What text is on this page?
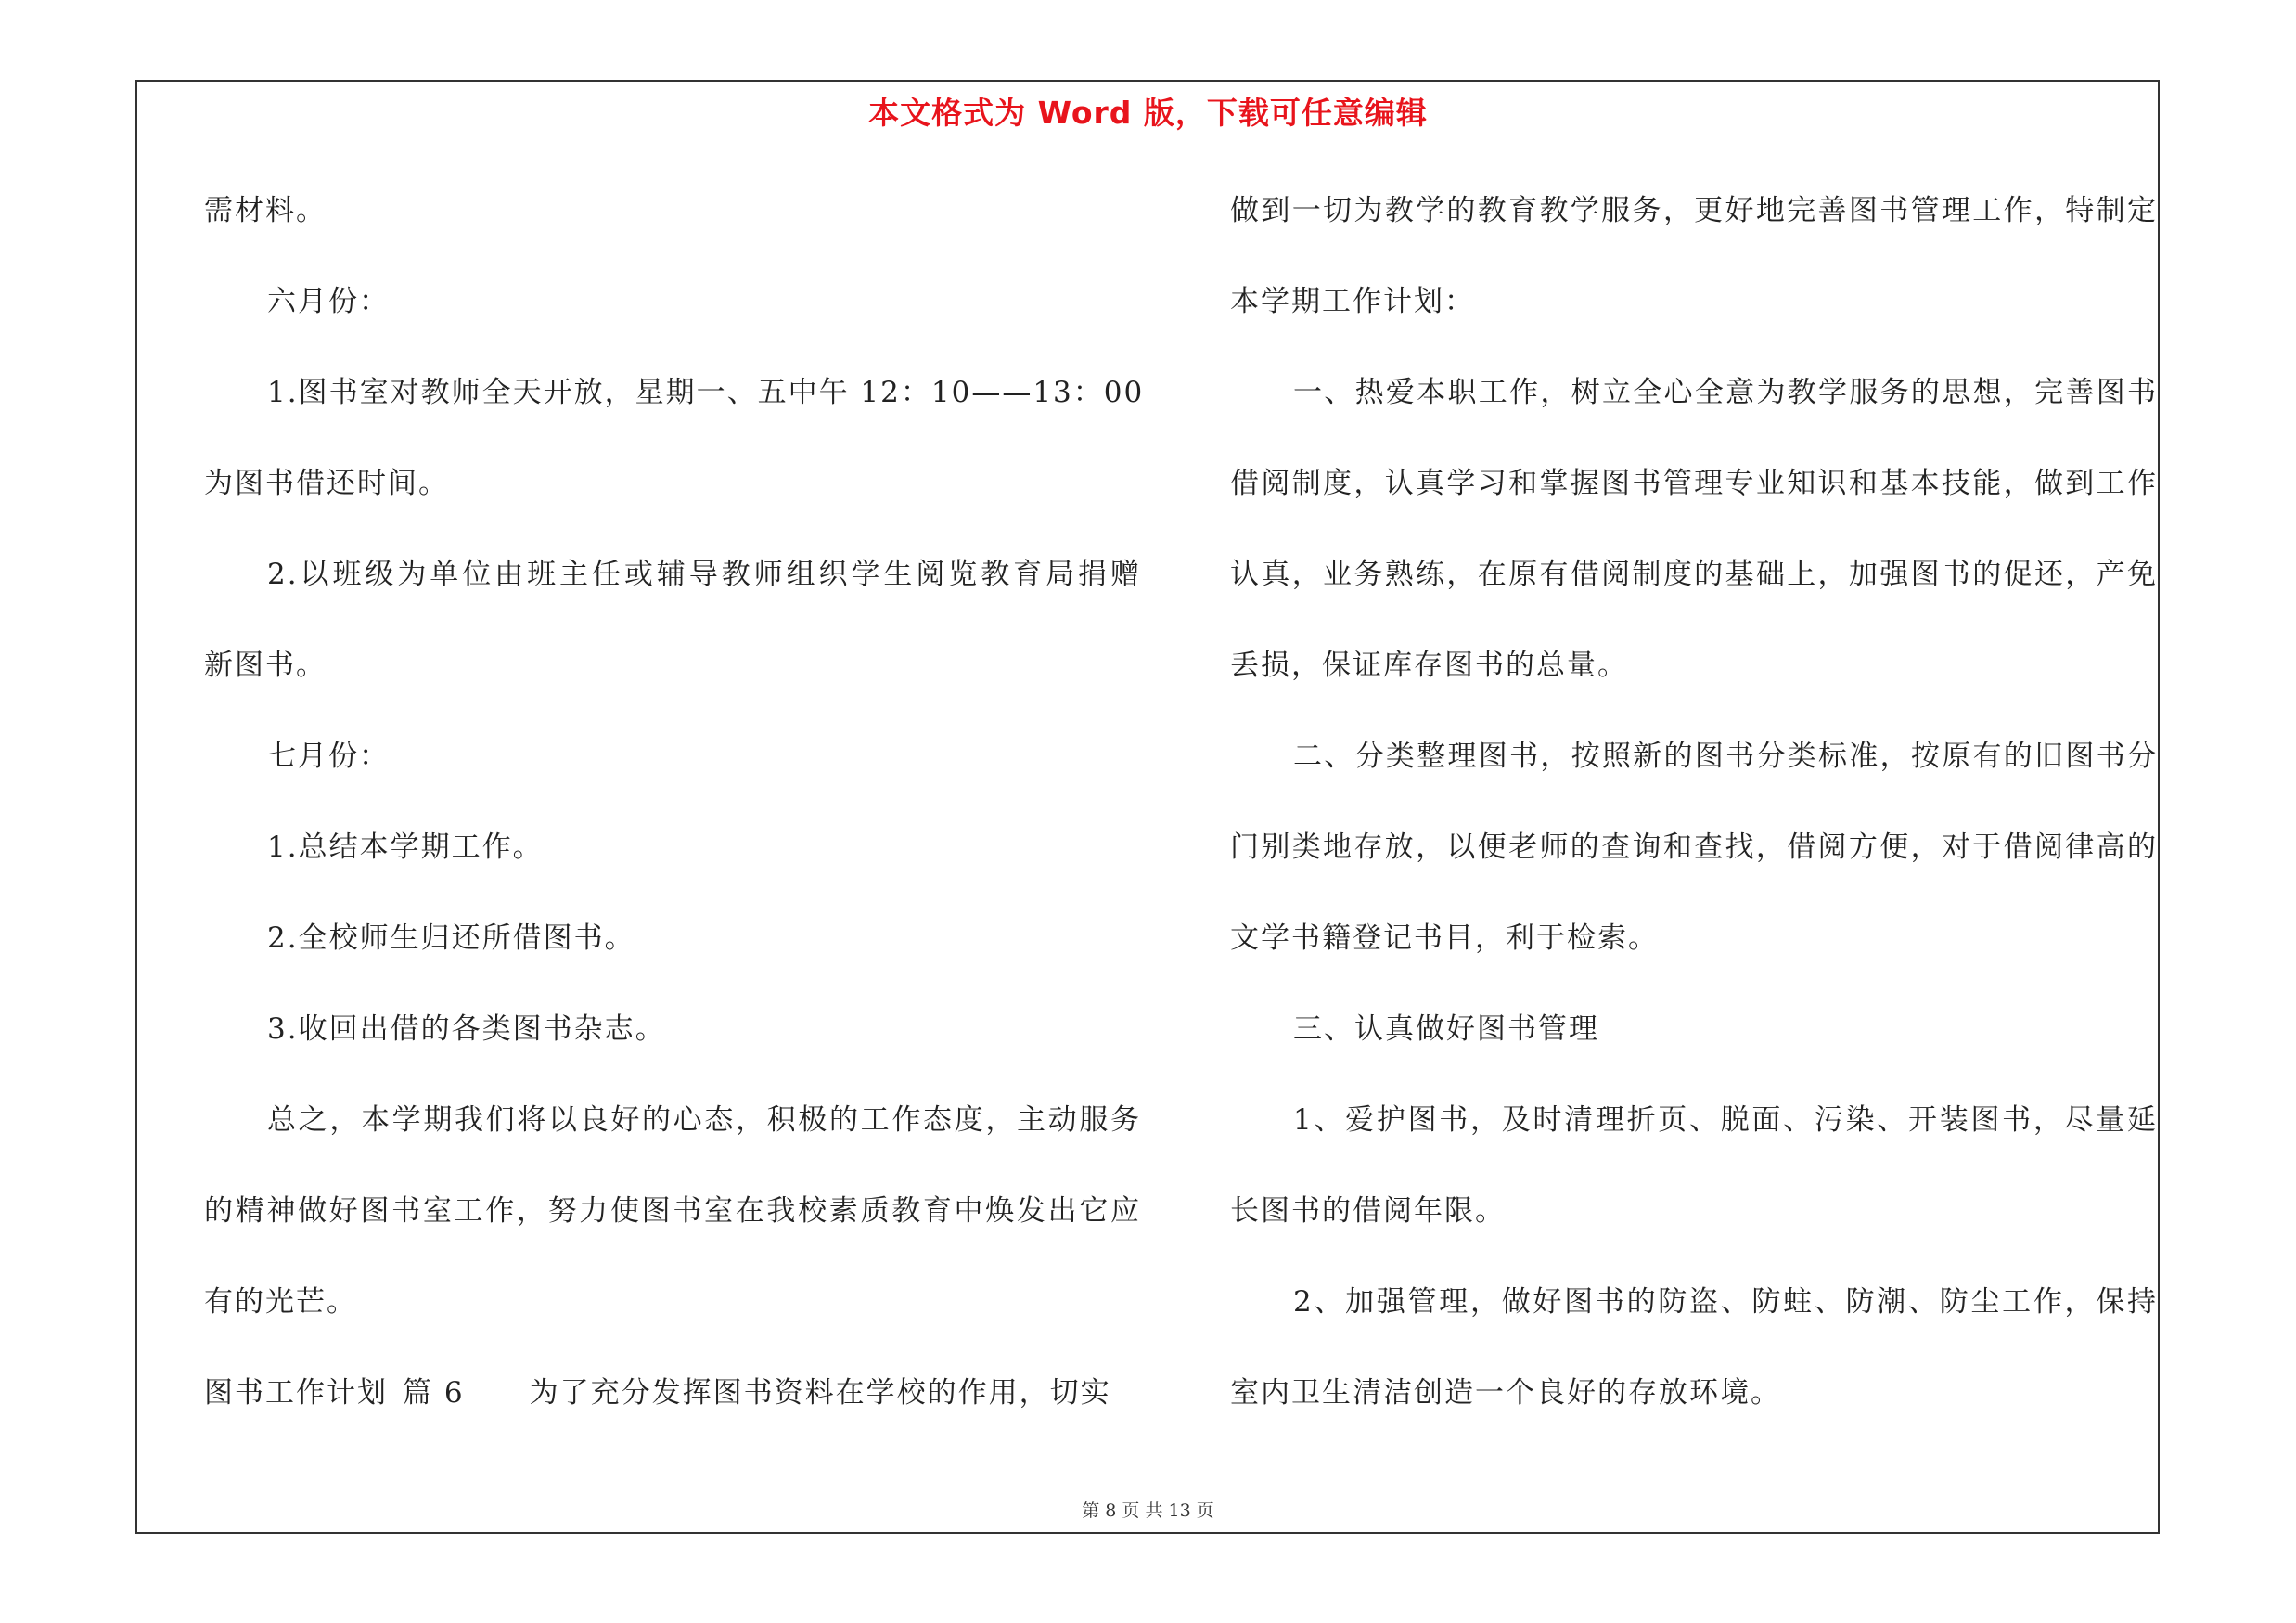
本文格式为 Word 版，下载可任意编辑
需材料。
六月份：
1.图书室对教师全天开放，星期一、五中午 12：10——13：00
为图书借还时间。
2.以班级为单位由班主任或辅导教师组织学生阅览教育局捐赠
新图书。
七月份：
1.总结本学期工作。
2.全校师生归还所借图书。
3.收回出借的各类图书杂志。
总之，本学期我们将以良好的心态，积极的工作态度，主动服务
的精神做好图书室工作，努力使图书室在我校素质教育中焕发出它应
有的光芒。
图书工作计划 篇 6 为了充分发挥图书资料在学校的作用，切实
做到一切为教学的教育教学服务，更好地完善图书管理工作，特制定
本学期工作计划：
一、热爱本职工作，树立全心全意为教学服务的思想，完善图书
借阅制度，认真学习和掌握图书管理专业知识和基本技能，做到工作
认真，业务熟练，在原有借阅制度的基础上，加强图书的促还，产免
丢损，保证库存图书的总量。
二、分类整理图书，按照新的图书分类标准，按原有的旧图书分
门别类地存放，以便老师的查询和查找，借阅方便，对于借阅律高的
文学书籍登记书目，利于检索。
三、认真做好图书管理
1、爱护图书，及时清理折页、脱面、污染、开装图书，尽量延
长图书的借阅年限。
2、加强管理，做好图书的防盗、防蛀、防潮、防尘工作，保持
室内卫生清洁创造一个良好的存放环境。
第 8 页 共 13 页
